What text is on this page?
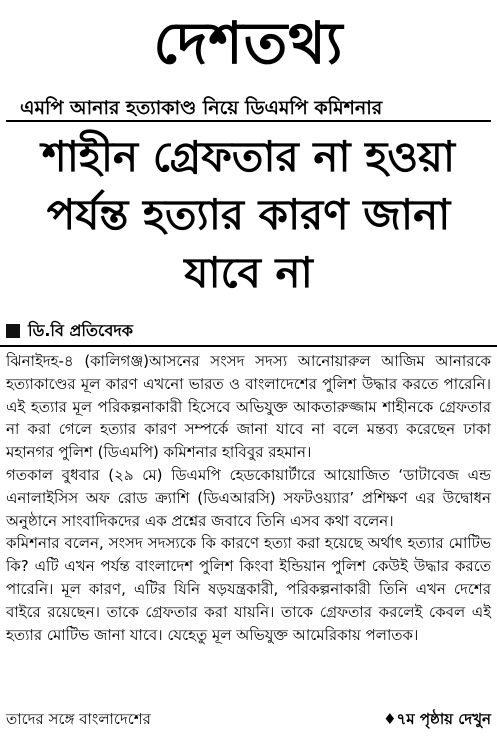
দেশতথ্য
এমপি আনার হত্যাকাণ্ড নিয়ে ডিএমপি কমিশনার
শাহীন গ্রেফতার না হওয়া পর্যন্ত হত্যার কারণ জানা যাবে না
ডি.বি প্রতিবেদক

ঝিনাইদহ-৪ (কালিগঞ্জ)আসনের সংসদ সদস্য আনোয়ারুল আজিম আনারকে হত্যাকাণ্ডের মূল কারণ এখনো ভারত ও বাংলাদেশের পুলিশ উদ্ধার করতে পারেনি। এই হত্যার মূল পরিকল্পনাকারী হিসেবে অভিযুক্ত আকতারুজ্জাম শাহীনকে গ্রেফতার না করা গেলে হত্যার কারণ সম্পর্কে জানা যাবে না বলে মন্তব্য করেছেন ঢাকা মহানগর পুলিশ (ডিএমপি) কমিশনার হাবিবুর রহমান।

গতকাল বুধবার (২৯ মে) ডিএমপি হেডকোয়ার্টারে আয়োজিত ‘ডাটাবেজ এন্ড এনালাইসিস অফ রোড ক্র্যাশি (ডিএআরসি) সফটওয়্যার’ প্রশিক্ষণ এর উদ্বোধন অনুষ্ঠানে সাংবাদিকদের এক প্রশ্নের জবাবে তিনি এসব কথা বলেন।

কমিশনার বলেন, সংসদ সদস্যকে কি কারণে হত্যা করা হয়েছে অর্থাৎ হত্যার মোটিভ কি? এটি এখন পর্যন্ত বাংলাদেশ পুলিশ কিংবা ইন্ডিয়ান পুলিশ কেউই উদ্ধার করতে পারেনি। মূল কারণ, এটির যিনি ষড়যন্ত্রকারী, পরিকল্পনাকারী তিনি এখন দেশের বাইরে রয়েছেন। তাকে গ্রেফতার করা যায়নি। তাকে গ্রেফতার করলেই কেবল এই হত্যার মোটিভ জানা যাবে। যেহেতু মূল অভিযুক্ত আমেরিকায় পলাতক।

তাদের সঙ্গে বাংলাদেশের	♦৭ম পৃষ্ঠায় দেখুন
